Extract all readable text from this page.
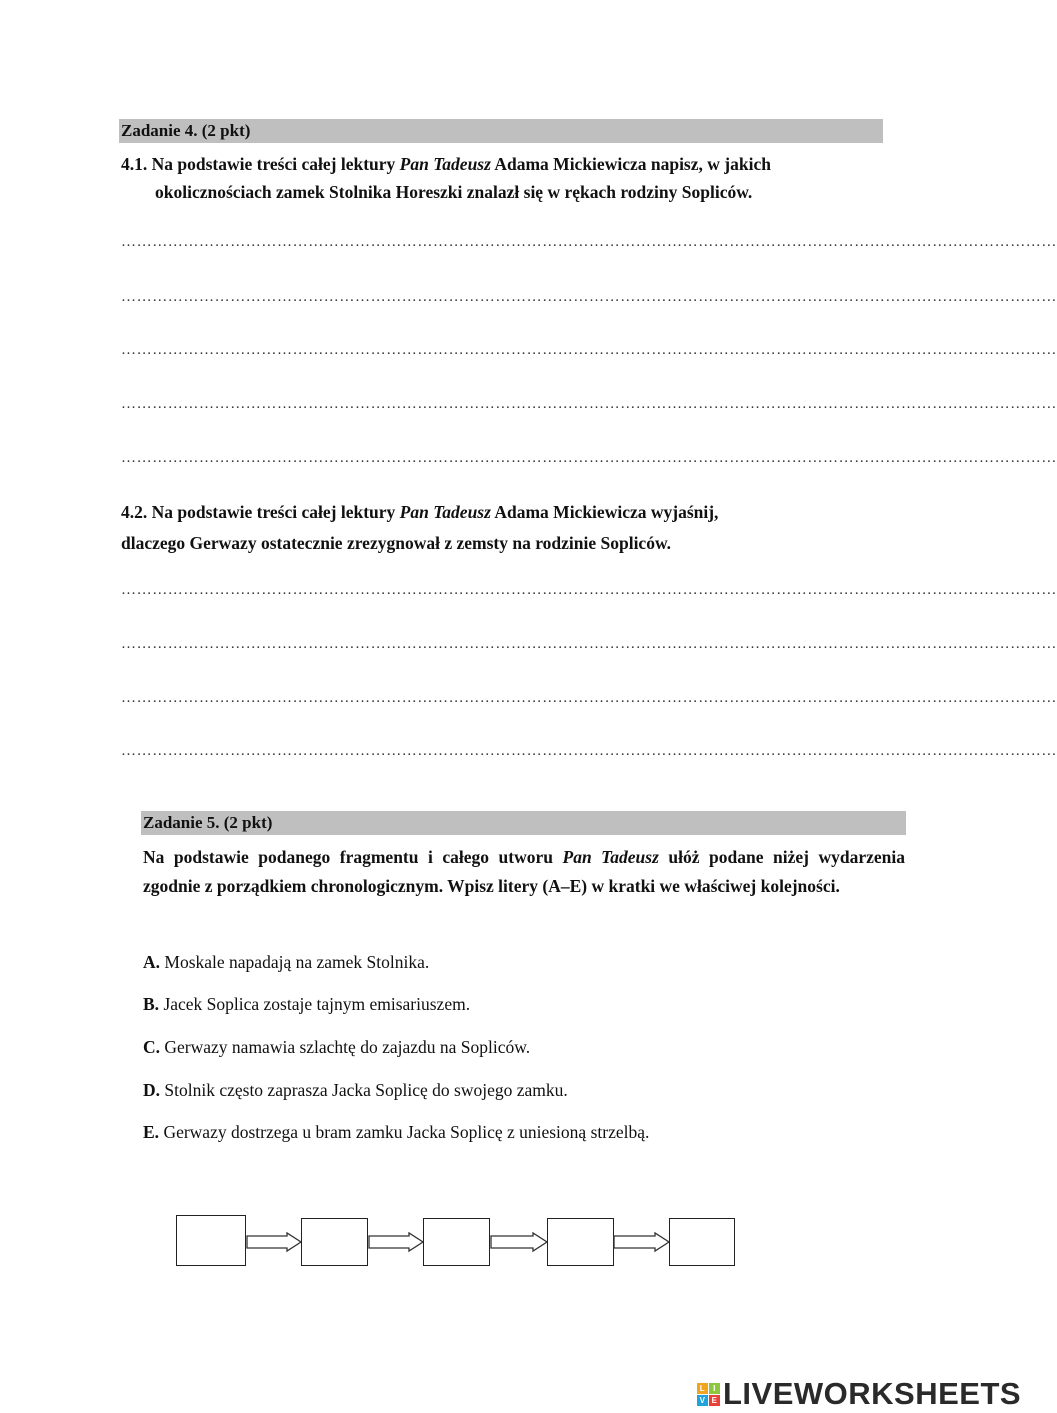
Zadanie 4. (2 pkt)
4.1. Na podstawie treści całej lektury Pan Tadeusz Adama Mickiewicza napisz, w jakich
okolicznościach zamek Stolnika Horeszki znalazł się w rękach rodziny Sopliców.
………………………………………………………………………………………………………………………………………………………………
………………………………………………………………………………………………………………………………………………………………
………………………………………………………………………………………………………………………………………………………………
………………………………………………………………………………………………………………………………………………………………
………………………………………………………………………………………………………………………………………………………………
4.2. Na podstawie treści całej lektury Pan Tadeusz Adama Mickiewicza wyjaśnij,
dlaczego Gerwazy ostatecznie zrezygnował z zemsty na rodzinie Sopliców.
………………………………………………………………………………………………………………………………………………………………
………………………………………………………………………………………………………………………………………………………………
………………………………………………………………………………………………………………………………………………………………
………………………………………………………………………………………………………………………………………………………………
Zadanie 5. (2 pkt)
Na podstawie podanego fragmentu i całego utworu Pan Tadeusz ułóż podane niżej wydarzenia zgodnie z porządkiem chronologicznym. Wpisz litery (A–E) w kratki we właściwej kolejności.
A. Moskale napadają na zamek Stolnika.
B. Jacek Soplica zostaje tajnym emisariuszem.
C. Gerwazy namawia szlachtę do zajazdu na Sopliców.
D. Stolnik często zaprasza Jacka Soplicę do swojego zamku.
E. Gerwazy dostrzega u bram zamku Jacka Soplicę z uniesioną strzelbą.
L I
V E LIVEWORKSHEETS
